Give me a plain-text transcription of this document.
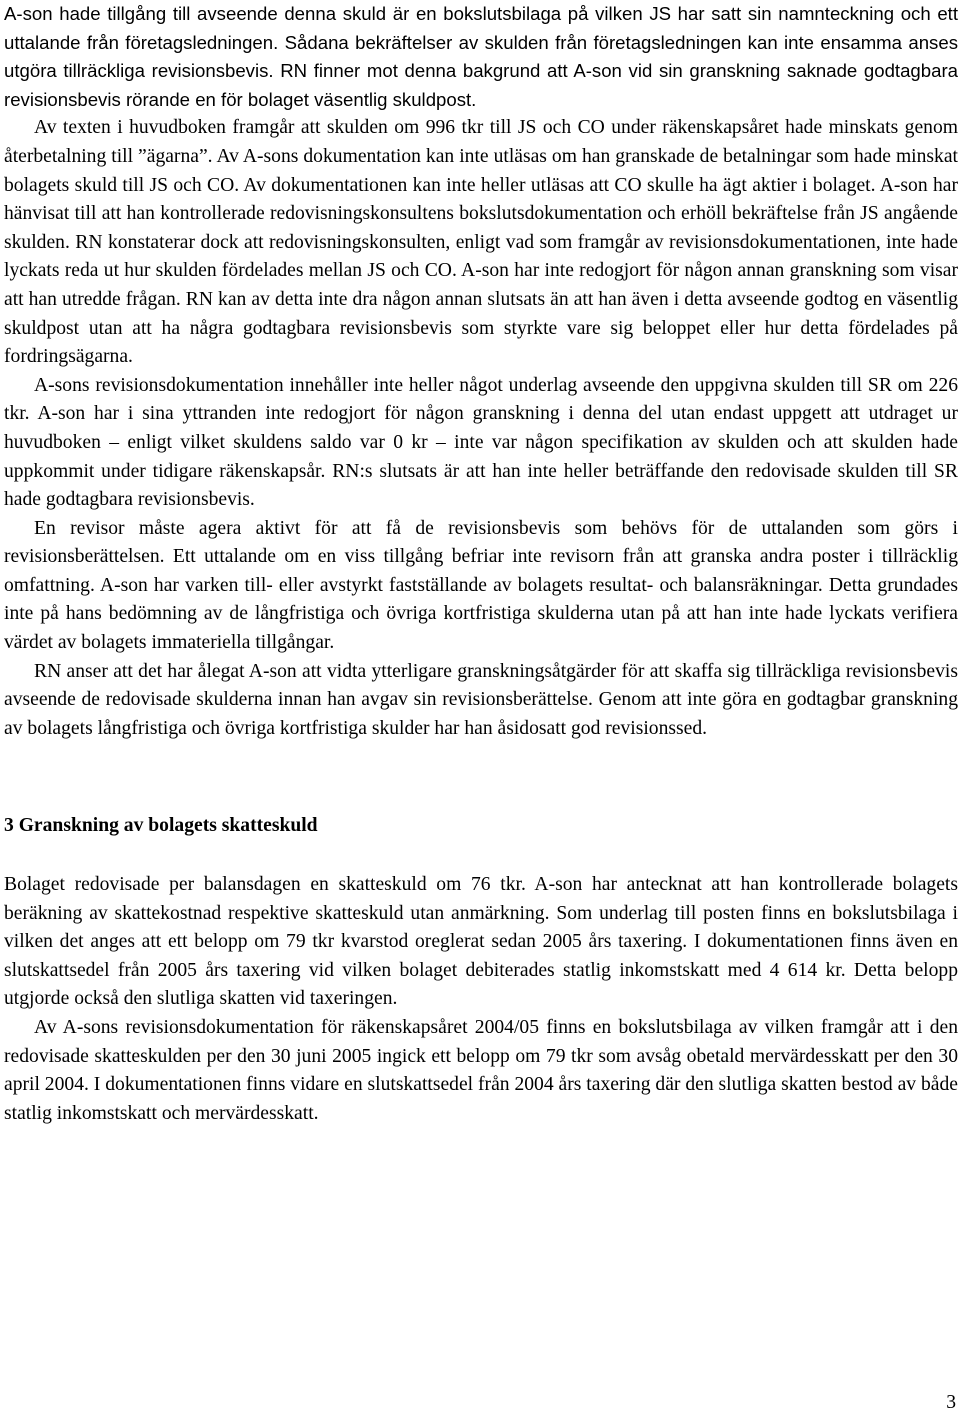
A-son hade tillgång till avseende denna skuld är en bokslutsbilaga på vilken JS har satt sin namnteckning och ett uttalande från företagsledningen. Sådana bekräftelser av skulden från företagsledningen kan inte ensamma anses utgöra tillräckliga revisionsbevis. RN finner mot denna bakgrund att A-son vid sin granskning saknade godtagbara revisionsbevis rörande en för bolaget väsentlig skuldpost.

Av texten i huvudboken framgår att skulden om 996 tkr till JS och CO under räkenskapsåret hade minskats genom återbetalning till ”ägarna”. Av A-sons dokumentation kan inte utläsas om han granskade de betalningar som hade minskat bolagets skuld till JS och CO. Av dokumentationen kan inte heller utläsas att CO skulle ha ägt aktier i bolaget. A-son har hänvisat till att han kontrollerade redovisningskonsultens bokslutsdokumentation och erhöll bekräftelse från JS angående skulden. RN konstaterar dock att redovisningskonsulten, enligt vad som framgår av revisionsdokumentationen, inte hade lyckats reda ut hur skulden fördelades mellan JS och CO. A-son har inte redogjort för någon annan granskning som visar att han utredde frågan. RN kan av detta inte dra någon annan slutsats än att han även i detta avseende godtog en väsentlig skuldpost utan att ha några godtagbara revisionsbevis som styrkte vare sig beloppet eller hur detta fördelades på fordringsägarna.

A-sons revisionsdokumentation innehåller inte heller något underlag avseende den uppgivna skulden till SR om 226 tkr. A-son har i sina yttranden inte redogjort för någon granskning i denna del utan endast uppgett att utdraget ur huvudboken – enligt vilket skuldens saldo var 0 kr – inte var någon specifikation av skulden och att skulden hade uppkommit under tidigare räkenskapsår. RN:s slutsats är att han inte heller beträffande den redovisade skulden till SR hade godtagbara revisionsbevis.

En revisor måste agera aktivt för att få de revisionsbevis som behövs för de uttalanden som görs i revisionsberättelsen. Ett uttalande om en viss tillgång befriar inte revisorn från att granska andra poster i tillräcklig omfattning. A-son har varken till- eller avstyrkt fastställande av bolagets resultat- och balansräkningar. Detta grundades inte på hans bedömning av de långfristiga och övriga kortfristiga skulderna utan på att han inte hade lyckats verifiera värdet av bolagets immateriella tillgångar.

RN anser att det har ålegat A-son att vidta ytterligare granskningsåtgärder för att skaffa sig tillräckliga revisionsbevis avseende de redovisade skulderna innan han avgav sin revisionsberättelse. Genom att inte göra en godtagbar granskning av bolagets långfristiga och övriga kortfristiga skulder har han åsidosatt god revisionssed.

3 Granskning av bolagets skatteskuld

Bolaget redovisade per balansdagen en skatteskuld om 76 tkr. A-son har antecknat att han kontrollerade bolagets beräkning av skattekostnad respektive skatteskuld utan anmärkning. Som underlag till posten finns en bokslutsbilaga i vilken det anges att ett belopp om 79 tkr kvarstod oreglerat sedan 2005 års taxering. I dokumentationen finns även en slutskattsedel från 2005 års taxering vid vilken bolaget debiterades statlig inkomstskatt med 4 614 kr. Detta belopp utgjorde också den slutliga skatten vid taxeringen.

Av A-sons revisionsdokumentation för räkenskapsåret 2004/05 finns en bokslutsbilaga av vilken framgår att i den redovisade skatteskulden per den 30 juni 2005 ingick ett belopp om 79 tkr som avsåg obetald mervärdesskatt per den 30 april 2004. I dokumentationen finns vidare en slutskattsedel från 2004 års taxering där den slutliga skatten bestod av både statlig inkomstskatt och mervärdesskatt.

3
